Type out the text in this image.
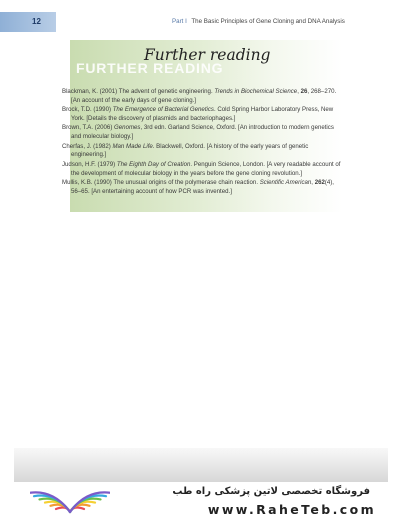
12	Part I The Basic Principles of Gene Cloning and DNA Analysis
Further reading
FURTHER READING

Blackman, K. (2001) The advent of genetic engineering. Trends in Biochemical Science, 26, 268–270. [An account of the early days of gene cloning.]

Brock, T.D. (1990) The Emergence of Bacterial Genetics. Cold Spring Harbor Laboratory Press, New York. [Details the discovery of plasmids and bacteriophages.]

Brown, T.A. (2006) Genomes, 3rd edn. Garland Science, Oxford. [An introduction to modern genetics and molecular biology.]

Cherfas, J. (1982) Man Made Life. Blackwell, Oxford. [A history of the early years of genetic engineering.]

Judson, H.F. (1979) The Eighth Day of Creation. Penguin Science, London. [A very readable account of the development of molecular biology in the years before the gene cloning revolution.]

Mullis, K.B. (1990) The unusual origins of the polymerase chain reaction. Scientific American, 262(4), 56–65. [An entertaining account of how PCR was invented.]

فروشگاه تخصصی لاتین پزشکی راه طب
www.RaheTeb.com
